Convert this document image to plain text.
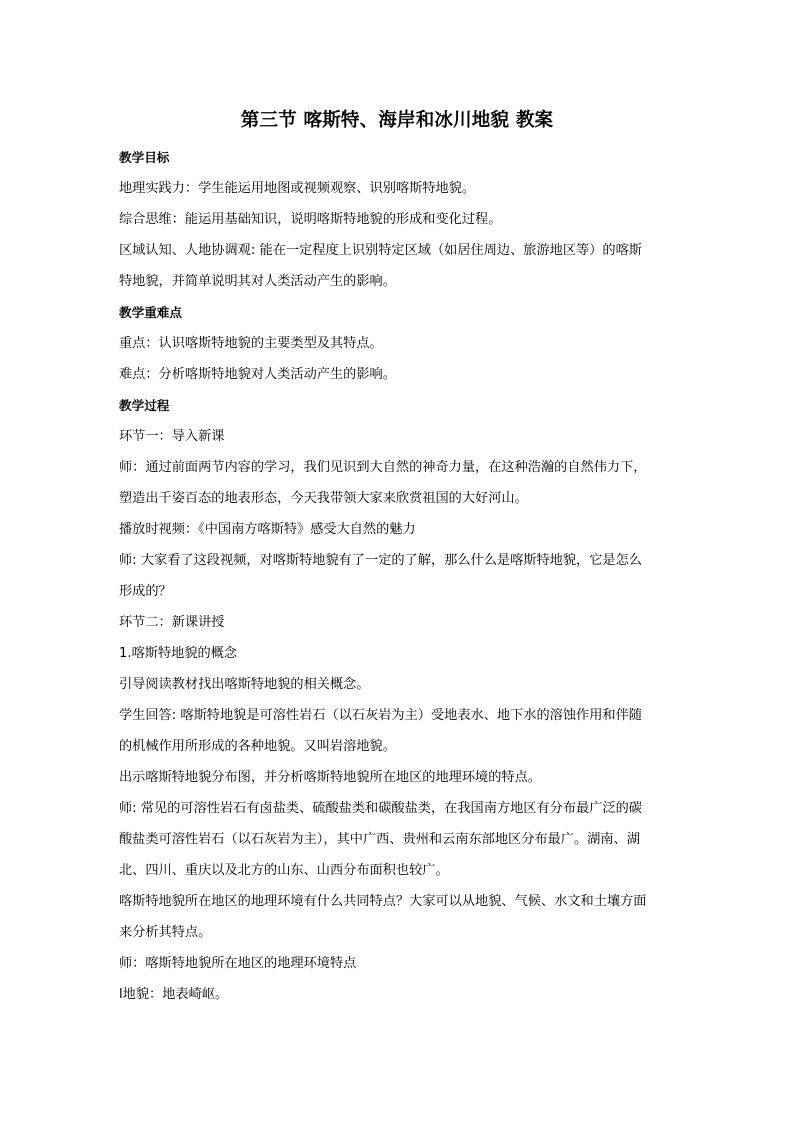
第三节 喀斯特、海岸和冰川地貌 教案
教学目标
地理实践力：学生能运用地图或视频观察、识别喀斯特地貌。
综合思维：能运用基础知识，说明喀斯特地貌的形成和变化过程。
区域认知、人地协调观: 能在一定程度上识别特定区域（如居住周边、旅游地区等）的喀斯
特地貌，并简单说明其对人类活动产生的影响。
教学重难点
重点：认识喀斯特地貌的主要类型及其特点。
难点：分析喀斯特地貌对人类活动产生的影响。
教学过程
环节一：导入新课
师：通过前面两节内容的学习，我们见识到大自然的神奇力量，在这种浩瀚的自然伟力下，
塑造出千姿百态的地表形态，今天我带领大家来欣赏祖国的大好河山。
播放时视频：《中国南方喀斯特》感受大自然的魅力
师: 大家看了这段视频，对喀斯特地貌有了一定的了解，那么什么是喀斯特地貌，它是怎么
形成的？
环节二：新课讲授
1.喀斯特地貌的概念
引导阅读教材找出喀斯特地貌的相关概念。
学生回答: 喀斯特地貌是可溶性岩石（以石灰岩为主）受地表水、地下水的溶蚀作用和伴随
的机械作用所形成的各种地貌。又叫岩溶地貌。
出示喀斯特地貌分布图，并分析喀斯特地貌所在地区的地理环境的特点。
师: 常见的可溶性岩石有卤盐类、硫酸盐类和碳酸盐类，在我国南方地区有分布最广泛的碳
酸盐类可溶性岩石（以石灰岩为主），其中广西、贵州和云南东部地区分布最广。湖南、湖
北、四川、重庆以及北方的山东、山西分布面积也较广。
喀斯特地貌所在地区的地理环境有什么共同特点？大家可以从地貌、气候、水文和土壤方面
来分析其特点。
师：喀斯特地貌所在地区的地理环境特点
l地貌：地表崎岖。
